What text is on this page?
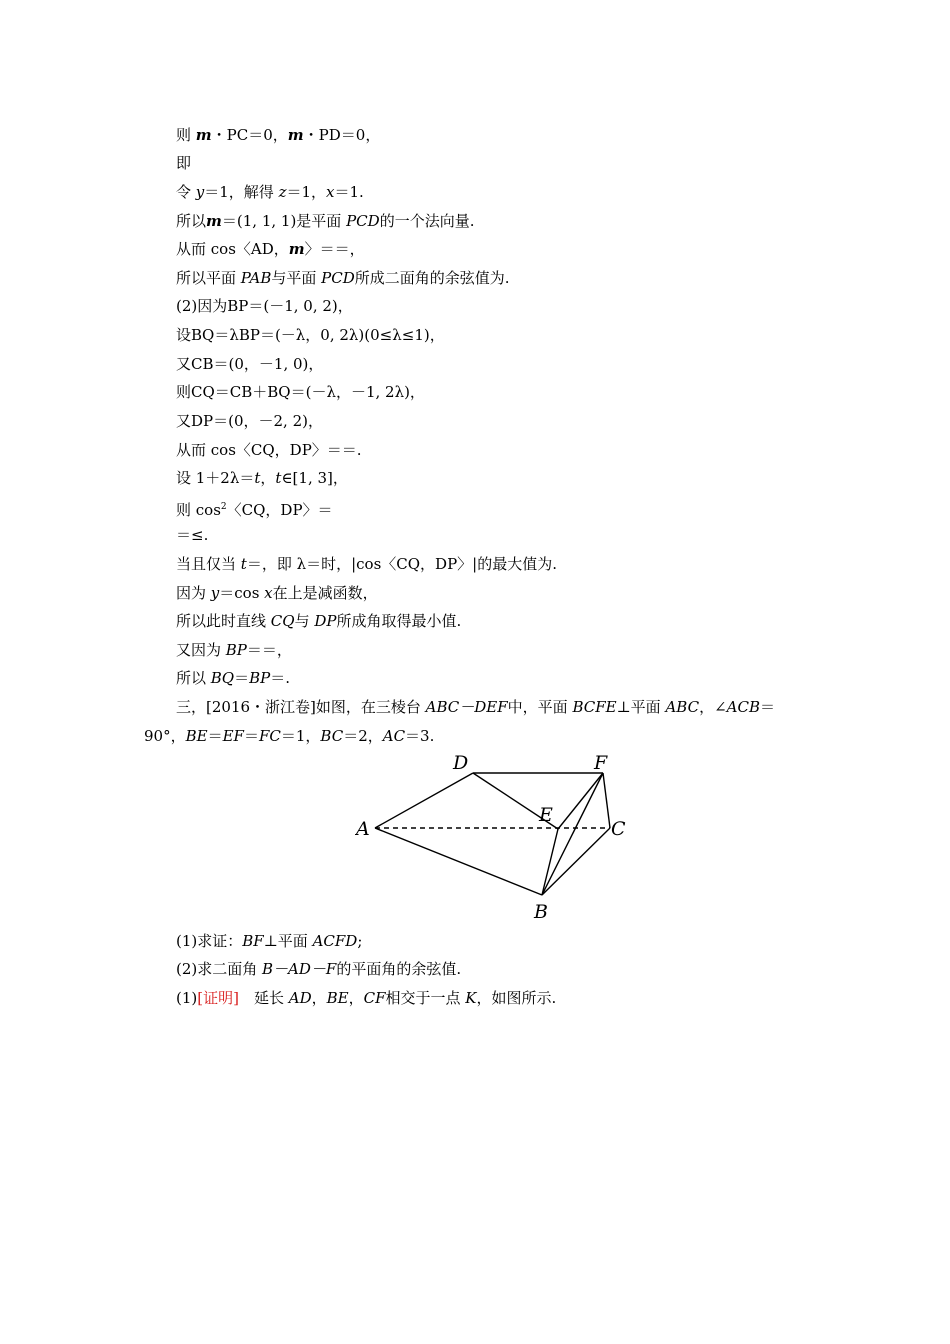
则 m・PC＝0，m・PD＝0，
即
令 y＝1，解得 z＝1，x＝1.
所以m＝(1, 1, 1)是平面 PCD的一个法向量.
从而 cos〈AD，m〉＝＝，
所以平面 PAB与平面 PCD所成二面角的余弦值为.
(2)因为BP＝(－1, 0, 2)，
设BQ＝λBP＝(－λ，0, 2λ)(0≤λ≤1)，
又CB＝(0，－1, 0)，
则CQ＝CB＋BQ＝(－λ，－1, 2λ)，
又DP＝(0，－2, 2)，
从而 cos〈CQ，DP〉＝＝.
设 1＋2λ＝t，t∈[1, 3]，
则 $\cos^2$〈CQ，DP〉＝
＝≤.
当且仅当 t＝，即 λ＝时，|cos〈CQ，DP〉|的最大值为.
因为 y＝cos x在上是减函数，
所以此时直线 CQ与 DP所成角取得最小值.
又因为 BP＝＝，
所以 BQ＝BP＝.
三，[2016・浙江卷]如图，在三棱台 ABC－DEF中，平面 BCFE⊥平面 ABC，∠ACB＝
90°，BE＝EF＝FC＝1，BC＝2，AC＝3.
A
B
C
D
E
F
(1)求证：BF⊥平面 ACFD;
(2)求二面角 B－AD－F的平面角的余弦值.
(1)[证明]　延长 AD，BE，CF相交于一点 K，如图所示.
